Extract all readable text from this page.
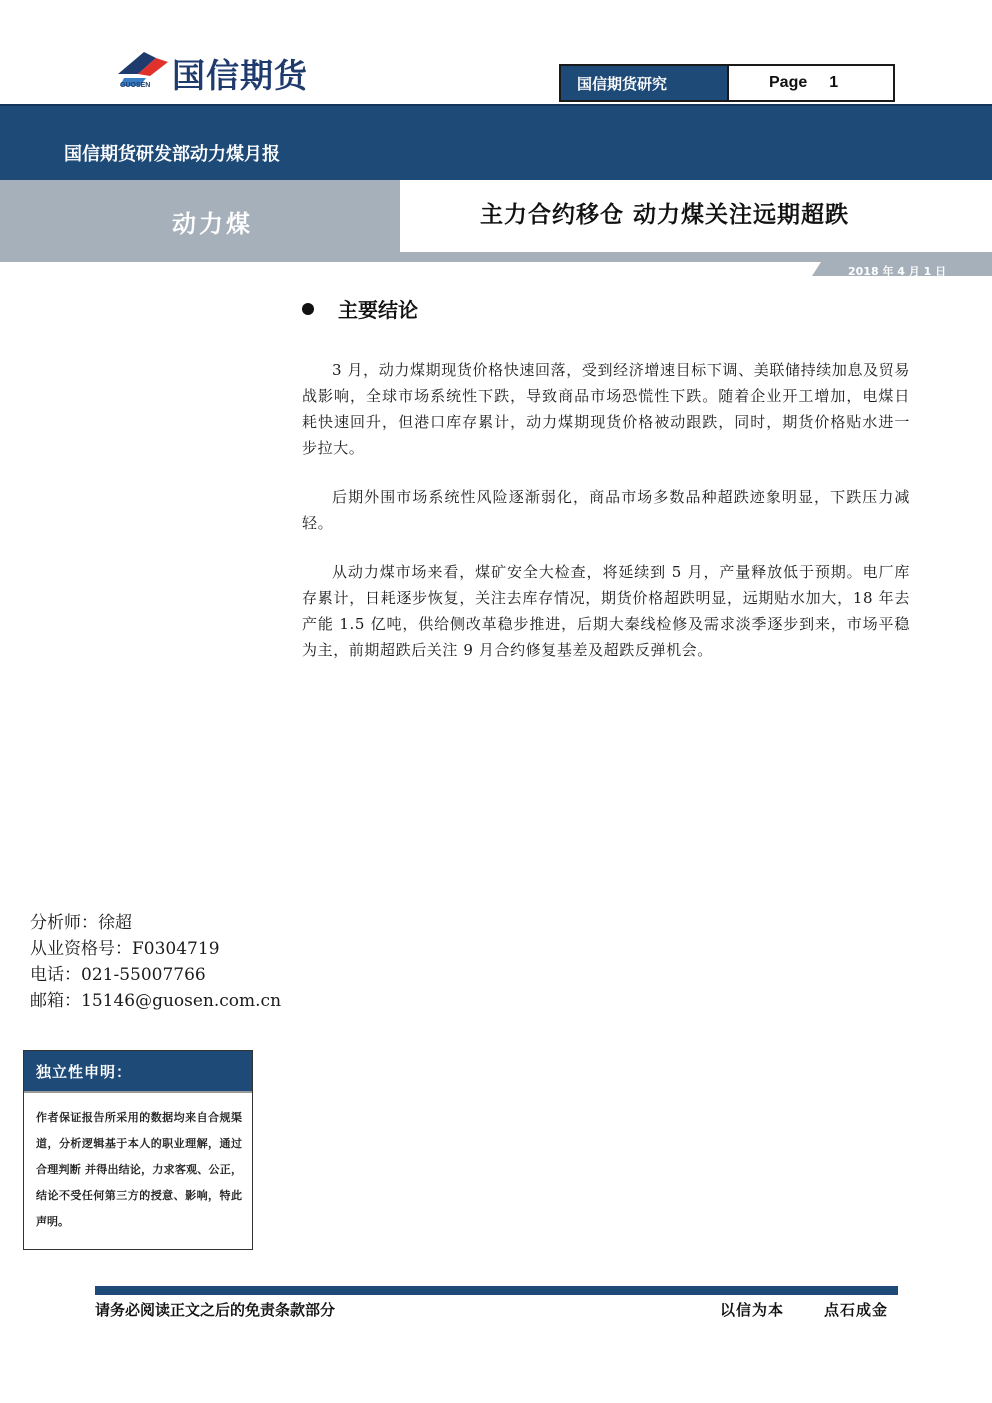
GUOSEN 国信期货	国信期货研究	Page 1
国信期货研发部动力煤月报
动力煤	主力合约移仓 动力煤关注远期超跌
2018 年 4 月 1 日
主要结论
3 月，动力煤期现货价格快速回落，受到经济增速目标下调、美联储持续加息及贸易战影响，全球市场系统性下跌，导致商品市场恐慌性下跌。随着企业开工增加，电煤日耗快速回升，但港口库存累计，动力煤期现货价格被动跟跌，同时，期货价格贴水进一步拉大。
后期外围市场系统性风险逐渐弱化，商品市场多数品种超跌迹象明显，下跌压力减轻。
从动力煤市场来看，煤矿安全大检查，将延续到 5 月，产量释放低于预期。电厂库存累计，日耗逐步恢复，关注去库存情况，期货价格超跌明显，远期贴水加大，18 年去产能 1.5 亿吨，供给侧改革稳步推进，后期大秦线检修及需求淡季逐步到来，市场平稳为主，前期超跌后关注 9 月合约修复基差及超跌反弹机会。
分析师：徐超
从业资格号：F0304719
电话：021-55007766
邮箱：15146@guosen.com.cn
独立性申明：
作者保证报告所采用的数据均来自合规渠道，分析逻辑基于本人的职业理解，通过合理判断 并得出结论，力求客观、公正，结论不受任何第三方的授意、影响，特此声明。
请务必阅读正文之后的免责条款部分	以信为本	点石成金
